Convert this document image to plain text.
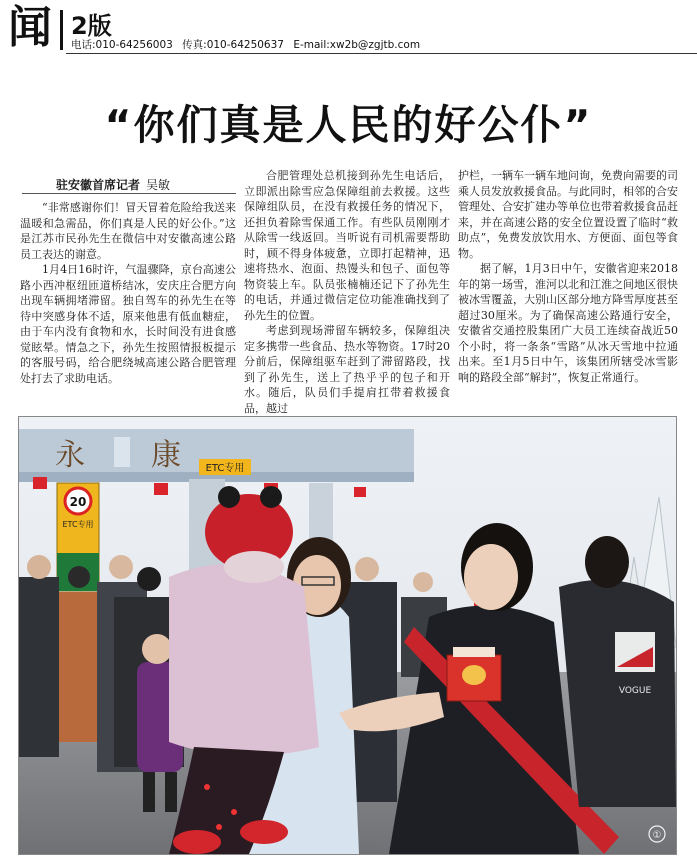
闻 2版
电话:010-64256003 传真:010-64250637 E-mail:xw2b@zgjtb.com
“你们真是人民的好公仆”
驻安徽首席记者 吴敏

“非常感谢你们！冒天冒着危险给我送来温暖和急需品，你们真是人民的好公仆。”这是江苏市民孙先生在微信中对安徽高速公路员工表达的谢意。

1月4日16时许，气温骤降，京台高速公路小西冲枢纽匝道桥结冰，安庆庄合肥方向出现车辆拥堵滞留。独自驾车的孙先生在等待中突感身体不适，原来他患有低血糖症，由于车内没有食物和水，长时间没有进食感觉眩晕。情急之下，孙先生按照情报板提示的客服号码，给合肥绕城高速公路合肥管理处打去了求助电话。

合肥管理处总机接到孙先生电话后，立即派出除雪应急保障组前去救援。这些保障组队员，在没有救援任务的情况下，还担负着除雪保通工作。有些队员刚刚才从除雪一线返回。当听说有司机需要帮助时，顾不得身体疲惫，立即打起精神，迅速将热水、泡面、热馒头和包子、面包等物资装上车。队员张楠楠还记下了孙先生的电话，并通过微信定位功能准确找到了孙先生的位置。

考虑到现场滞留车辆较多，保障组决定多携带一些食品、热水等物资。17时20分前后，保障组驱车赶到了滞留路段，找到了孙先生，送上了热乎乎的包子和开水。随后，队员们手提肩扛带着救援食品，越过

护栏，一辆车一辆车地问询，免费向需要的司乘人员发放救援食品。与此同时，相邻的合安管理处、合安扩建办等单位也带着救援食品赶来，并在高速公路的安全位置设置了临时“救助点”，免费发放饮用水、方便面、面包等食物。

据了解，1月3日中午，安徽省迎来2018年的第一场雪，淮河以北和江淮之间地区很快被冰雪覆盖，大别山区部分地方降雪厚度甚至超过30厘米。为了确保高速公路通行安全，安徽省交通控股集团广大员工连续奋战近50个小时，将一条条“雪路”从冰天雪地中拉通出来。至1月5日中午，该集团所辖受冰雪影响的路段全部“解封”，恢复正常通行。

永 康 ETC专用
20
ETC专用
VOGUE
①
